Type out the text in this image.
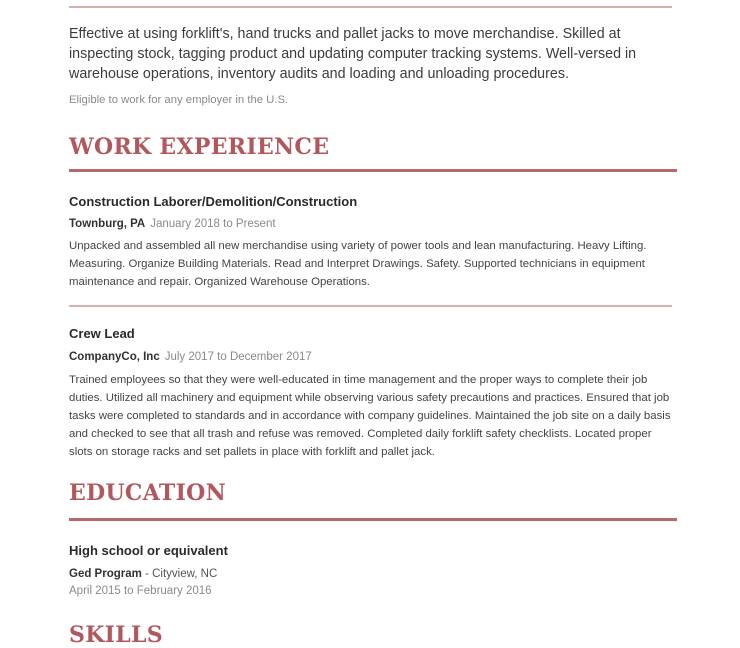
Effective at using forklift's, hand trucks and pallet jacks to move merchandise. Skilled at inspecting stock, tagging product and updating computer tracking systems. Well-versed in warehouse operations, inventory audits and loading and unloading procedures.
Eligible to work for any employer in the U.S.
WORK EXPERIENCE
Construction Laborer/Demolition/Construction
Townburg, PA January 2018 to Present
Unpacked and assembled all new merchandise using variety of power tools and lean manufacturing. Heavy Lifting. Measuring. Organize Building Materials. Read and Interpret Drawings. Safety. Supported technicians in equipment maintenance and repair. Organized Warehouse Operations.
Crew Lead
CompanyCo, Inc July 2017 to December 2017
Trained employees so that they were well-educated in time management and the proper ways to complete their job duties. Utilized all machinery and equipment while observing various safety precautions and practices. Ensured that job tasks were completed to standards and in accordance with company guidelines. Maintained the job site on a daily basis and checked to see that all trash and refuse was removed. Completed daily forklift safety checklists. Located proper slots on storage racks and set pallets in place with forklift and pallet jack.
EDUCATION
High school or equivalent
Ged Program - Cityview, NC
April 2015 to February 2016
SKILLS
